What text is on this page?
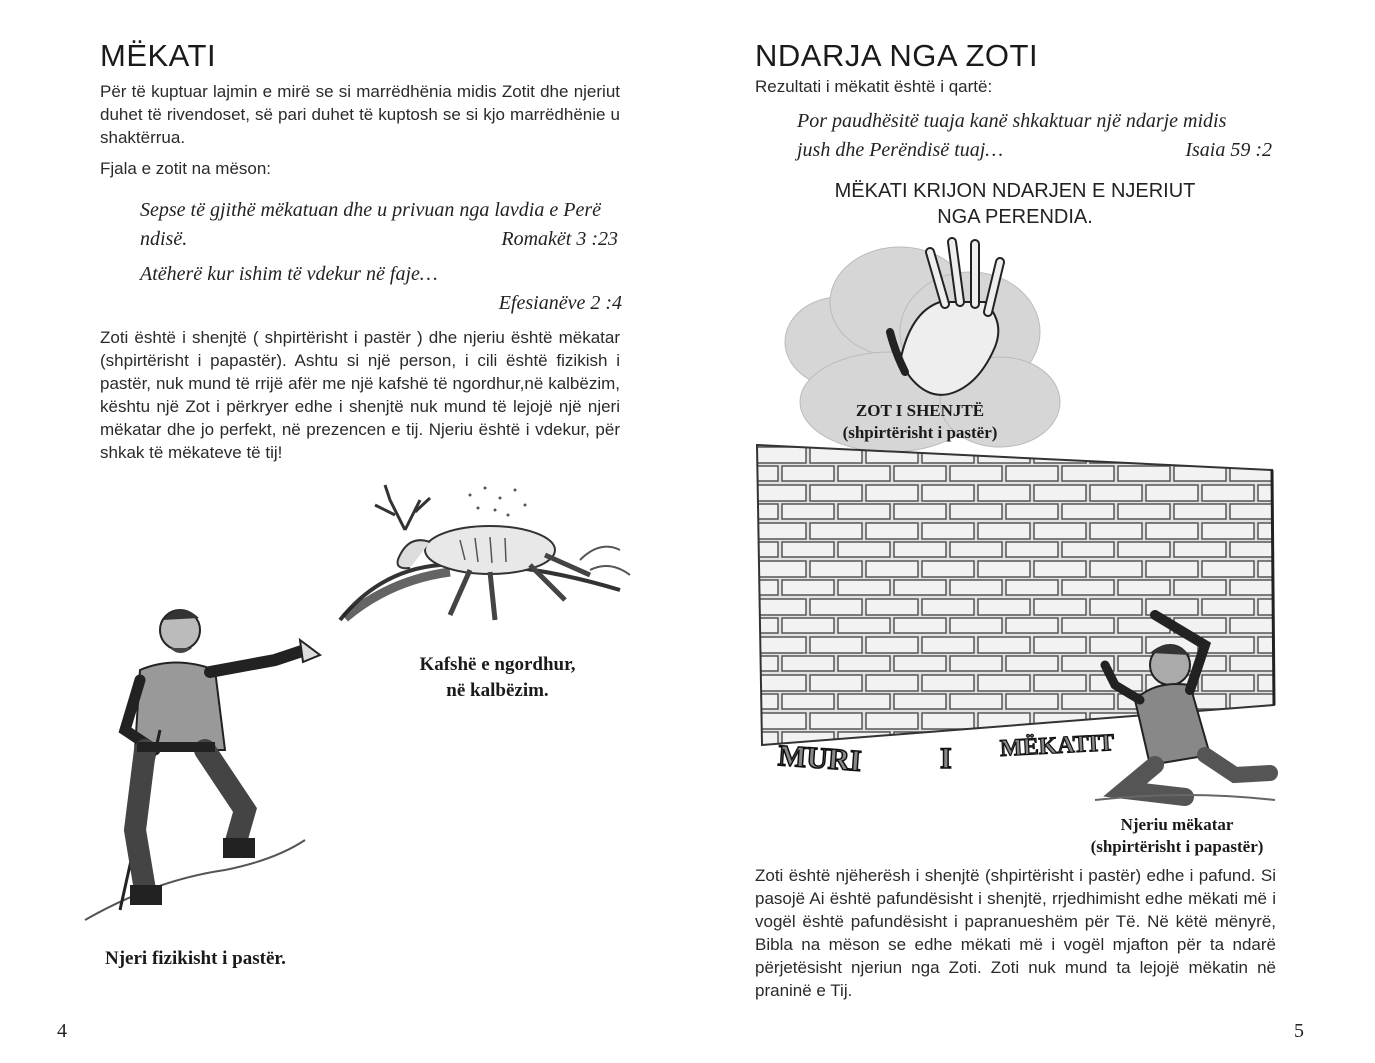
MËKATI
Për të kuptuar lajmin e mirë se si marrëdhënia midis Zotit dhe njeriut duhet të rivendoset, së pari duhet të kuptosh se si kjo marrëdhënie u shaktërrua.
Fjala e zotit na mëson:
Sepse të gjithë mëkatuan dhe u privuan nga lavdia e Perë
ndisë.	Romakët 3 :23
Atëherë kur ishim të vdekur në faje…
Efesianëve 2 :4
Zoti është i shenjtë ( shpirtërisht i pastër ) dhe njeriu është mëkatar (shpirtërisht i papastër). Ashtu si një person, i cili është fizikish i pastër, nuk mund të rrijë afër me një kafshë të ngordhur,në kalbëzim, kështu një Zot i përkryer edhe i shenjtë nuk mund të lejojë një njeri mëkatar dhe jo perfekt, në prezencen e tij. Njeriu është i vdekur, për shkak të mëkateve të tij!
Kafshë e ngordhur,
në kalbëzim.
Njeri fizikisht i pastër.
4
NDARJA NGA ZOTI
Rezultati i mëkatit është i qartë:
Por paudhësitë tuaja kanë shkaktuar një ndarje midis
jush dhe Perëndisë tuaj…	Isaia 59 :2
MËKATI KRIJON NDARJEN E NJERIUT
NGA PERENDIA.
ZOT I SHENJTË
(shpirtërisht i pastër)
MURI	I MËKATIT
Njeriu mëkatar
(shpirtërisht i papastër)
Zoti është njëherësh i shenjtë (shpirtërisht i pastër) edhe i pafund. Si pasojë Ai është pafundësisht i shenjtë, rrjedhimisht edhe mëkati më i vogël është pafundësisht i papranueshëm për Të. Në këtë mënyrë, Bibla na mëson se edhe mëkati më i vogël mjafton për ta ndarë përjetësisht njeriun nga Zoti. Zoti nuk mund ta lejojë mëkatin në praninë e Tij.
5
